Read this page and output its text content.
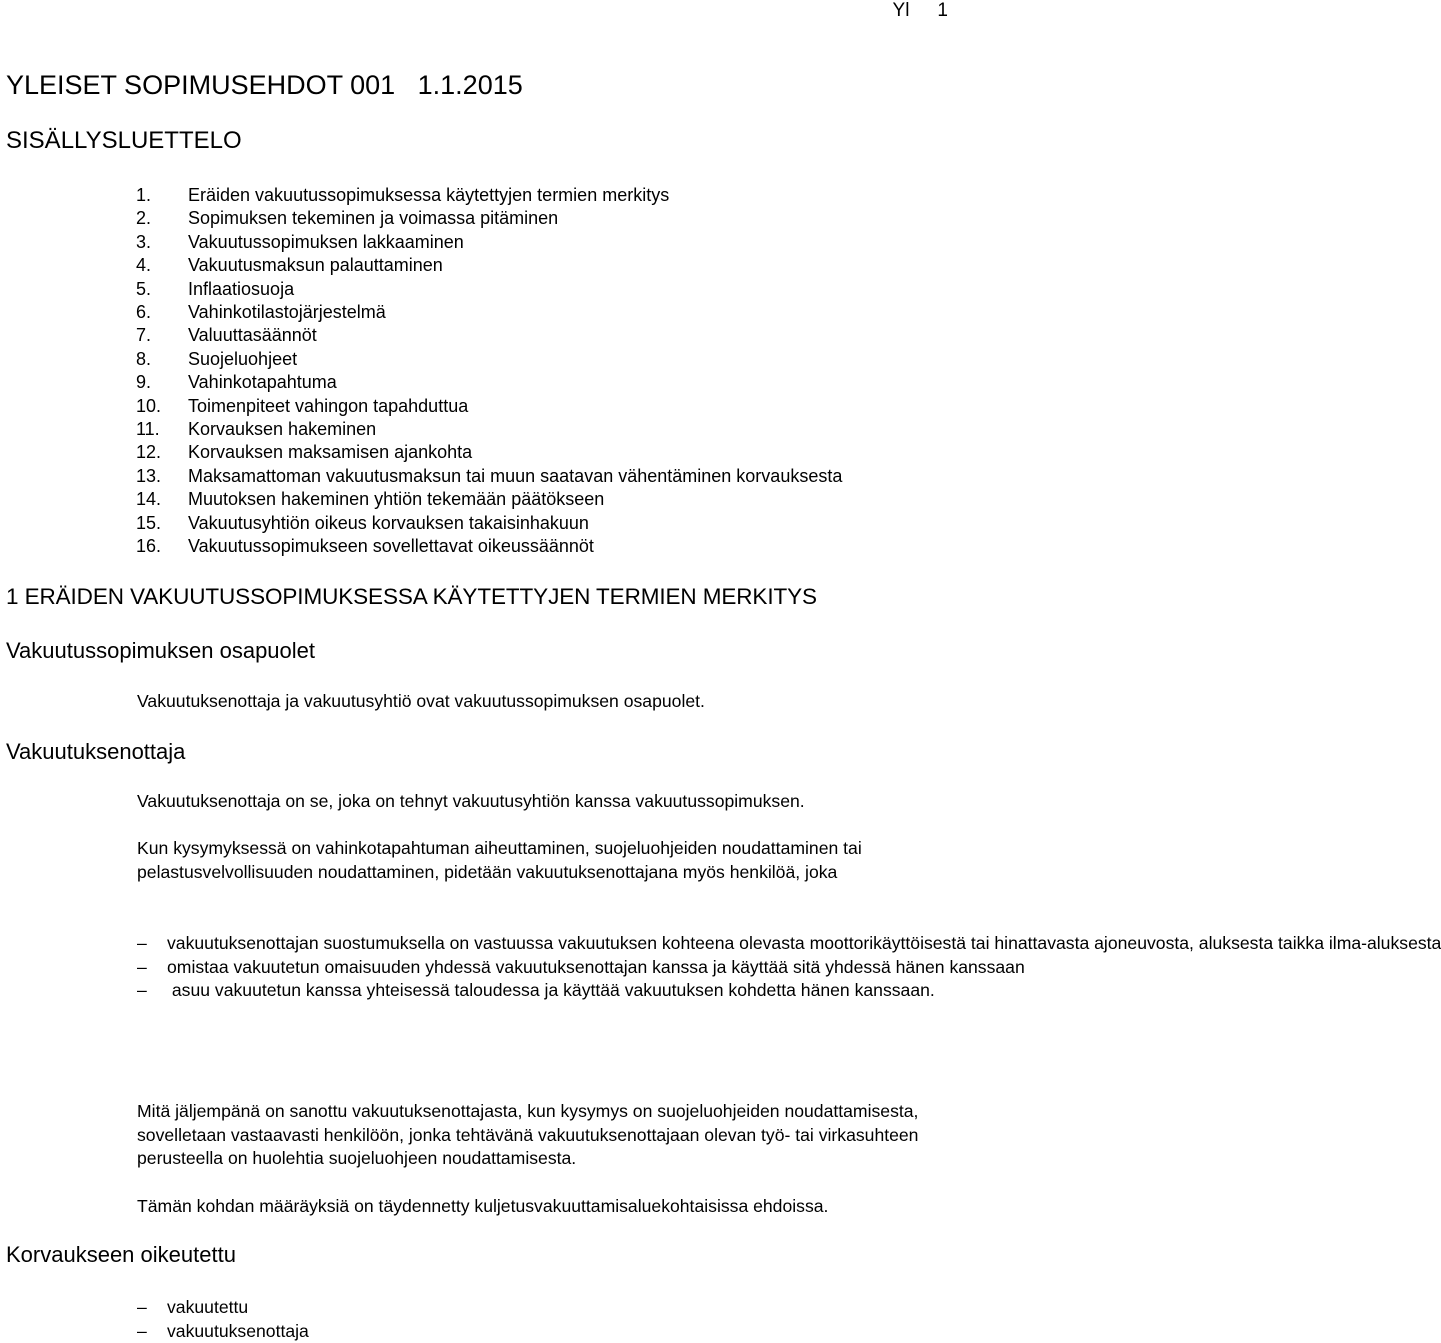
Yl 1
YLEISET SOPIMUSEHDOT 001   1.1.2015
SISÄLLYSLUETTELO
1. Eräiden vakuutussopimuksessa käytettyjen termien merkitys
2. Sopimuksen tekeminen ja voimassa pitäminen
3. Vakuutussopimuksen lakkaaminen
4. Vakuutusmaksun palauttaminen
5. Inflaatiosuoja
6. Vahinkotilastojärjestelmä
7. Valuuttasäännöt
8. Suojeluohjeet
9. Vahinkotapahtuma
10. Toimenpiteet vahingon tapahduttua
11. Korvauksen hakeminen
12. Korvauksen maksamisen ajankohta
13. Maksamattoman vakuutusmaksun tai muun saatavan vähentäminen korvauksesta
14. Muutoksen hakeminen yhtiön tekemään päätökseen
15. Vakuutusyhtiön oikeus korvauksen takaisinhakuun
16. Vakuutussopimukseen sovellettavat oikeussäännöt
1 ERÄIDEN VAKUUTUSSOPIMUKSESSA KÄYTETTYJEN TERMIEN MERKITYS
Vakuutussopimuksen osapuolet
Vakuutuksenottaja ja vakuutusyhtiö ovat vakuutussopimuksen osapuolet.
Vakuutuksenottaja
Vakuutuksenottaja on se, joka on tehnyt vakuutusyhtiön kanssa vakuutussopimuksen.
Kun kysymyksessä on vahinkotapahtuman aiheuttaminen, suojeluohjeiden noudattaminen tai pelastusvelvollisuuden noudattaminen, pidetään vakuutuksenottajana myös henkilöä, joka
– vakuutuksenottajan suostumuksella on vastuussa vakuutuksen kohteena olevasta moottorikäyttöisestä tai hinattavasta ajoneuvosta, aluksesta taikka ilma-aluksesta
– omistaa vakuutetun omaisuuden yhdessä vakuutuksenottajan kanssa ja käyttää sitä yhdessä hänen kanssaan
– asuu vakuutetun kanssa yhteisessä taloudessa ja käyttää vakuutuksen kohdetta hänen kanssaan.
Mitä jäljempänä on sanottu vakuutuksenottajasta, kun kysymys on suojeluohjeiden noudattamisesta, sovelletaan vastaavasti henkilöön, jonka tehtävänä vakuutuksenottajaan olevan työ- tai virkasuhteen perusteella on huolehtia suojeluohjeen noudattamisesta.
Tämän kohdan määräyksiä on täydennetty kuljetusvakuuttamisaluekohtaisissa ehdoissa.
Korvaukseen oikeutettu
– vakuutettu
– vakuutuksenottaja
